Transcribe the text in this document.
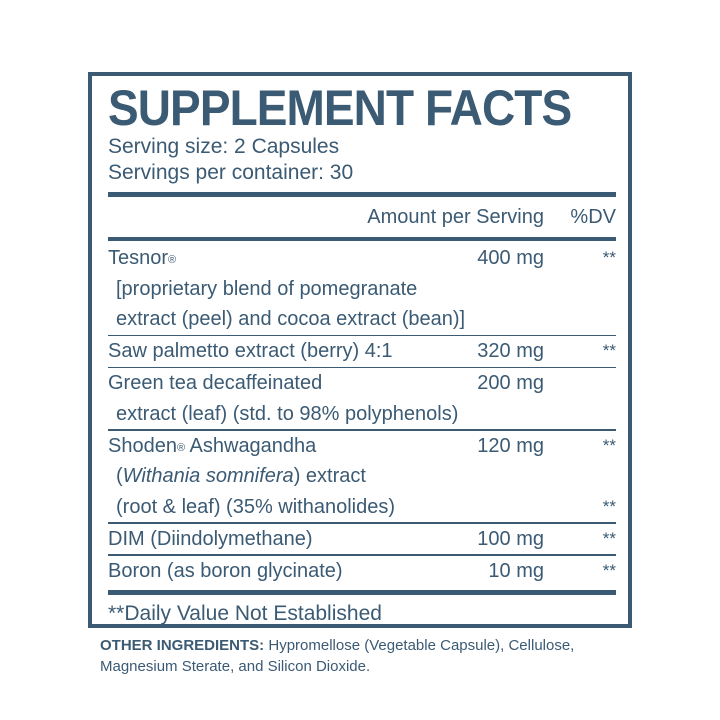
SUPPLEMENT FACTS
Serving size: 2 Capsules
Servings per container: 30
Amount per Serving %DV
Tesnor®	400 mg	**
[proprietary blend of pomegranate
extract (peel) and cocoa extract (bean)]
Saw palmetto extract (berry) 4:1	320 mg	**
Green tea decaffeinated	200 mg
extract (leaf) (std. to 98% polyphenols)
Shoden® Ashwagandha	120 mg	**
(Withania somnifera) extract
(root & leaf) (35% withanolides)	**
DIM (Diindolymethane)	100 mg	**
Boron (as boron glycinate)	10 mg	**
**Daily Value Not Established
OTHER INGREDIENTS: Hypromellose (Vegetable Capsule), Cellulose, Magnesium Sterate, and Silicon Dioxide.
